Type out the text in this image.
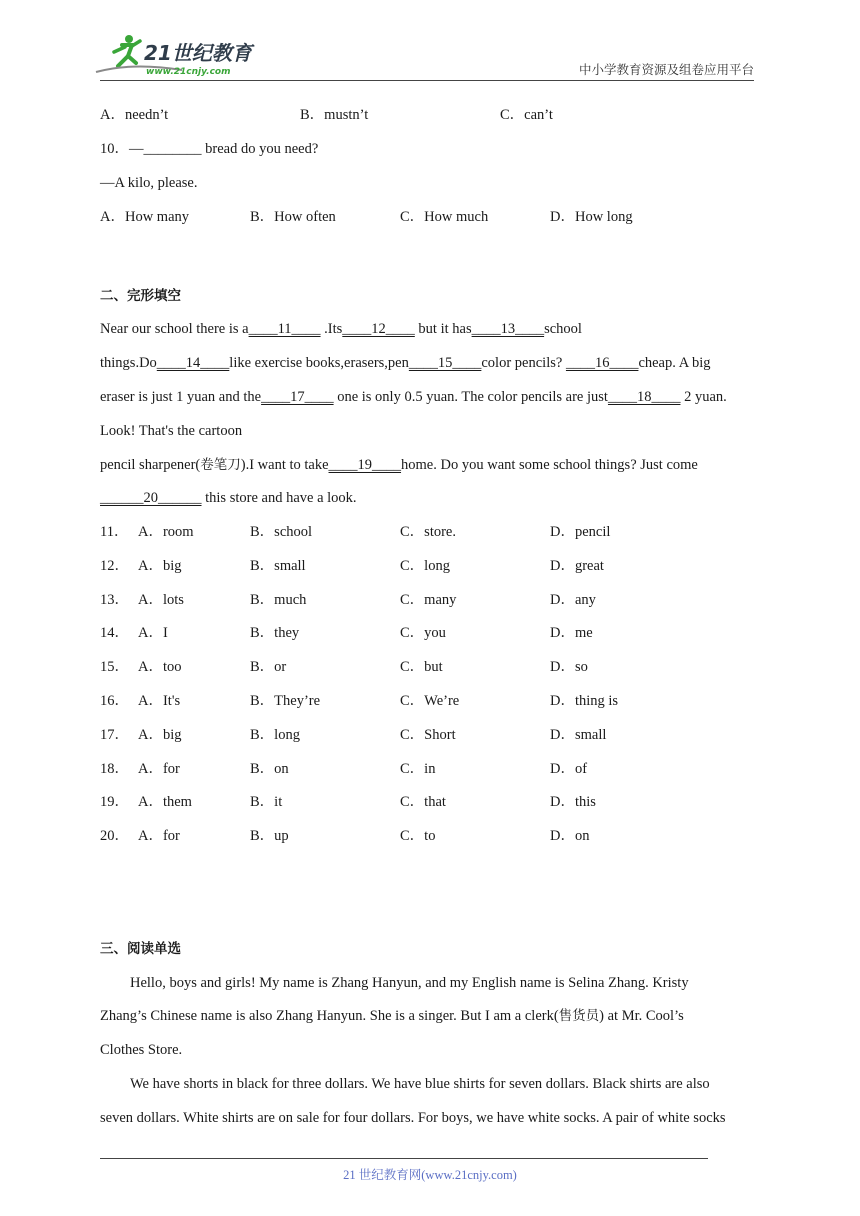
21世纪教育
www.21cnjy.com	中小学教育资源及组卷应用平台
A．needn’t	B．mustn’t	C．can’t
10．—________ bread do you need?
—A kilo, please.
A．How many	B．How often	C．How much	D．How long
二、完形填空
Near our school there is a____11____ .Its____12____ but it has____13____school
things.Do____14____like exercise books,erasers,pen____15____color pencils? ____16____cheap. A big
eraser is just 1 yuan and the____17____ one is only 0.5 yuan. The color pencils are just____18____ 2 yuan.
Look! That's the cartoon
pencil sharpener(卷笔刀).I want to take____19____home. Do you want some school things? Just come
______20______ this store and have a look.
11． A．room	B．school	C．store.	D．pencil
12． A．big	B．small	C．long	D．great
13． A．lots	B．much	C．many	D．any
14． A．I	B．they	C．you	D．me
15． A．too	B．or	C．but	D．so
16． A．It's	B．They’re	C．We’re	D．thing is
17． A．big	B．long	C．Short	D．small
18． A．for	B．on	C．in	D．of
19． A．them	B．it	C．that	D．this
20． A．for	B．up	C．to	D．on
三、阅读单选
Hello, boys and girls! My name is Zhang Hanyun, and my English name is Selina Zhang. Kristy
Zhang’s Chinese name is also Zhang Hanyun. She is a singer. But I am a clerk(售货员) at Mr. Cool’s
Clothes Store.
We have shorts in black for three dollars. We have blue shirts for seven dollars. Black shirts are also
seven dollars. White shirts are on sale for four dollars. For boys, we have white socks. A pair of white socks
21 世纪教育网(www.21cnjy.com)
